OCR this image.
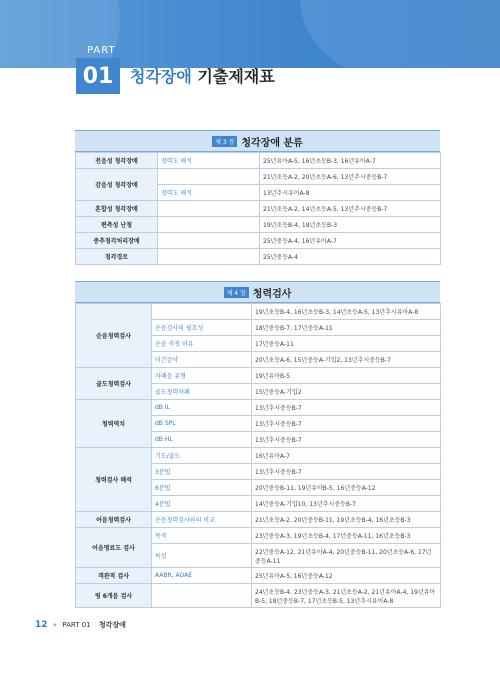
PART
01	청각장애 기출제재표
제 3 장 청각장애 분류
전음성 청각장애	청력도 해석	25년유아A-5, 16년초등B-3, 16년유아A-7
감음성 청각장애		21년초등A-2, 20년초등A-6, 13년추시중등B-7
	청력도 해석	13년추시유아A-8
혼합성 청각장애		21년초등A-2, 14년초등A-5, 13년추시중등B-7
편측성 난청		19년초등B-4, 18년초등B-3
중추청각처리장애		25년중등A-4, 16년유아A-7
청각경로		25년중등A-4
제 4 장 청력검사
순음청력검사		19년초등B-4, 16년초등B-3, 14년초등A-5, 13년추시유아A-8
	순음검사의 필요성	18년중등B-7, 17년중등A-11
	순음 측청 이유	17년중등A-11
	이간감약	20년초등A-6, 15년중등A-기입2, 13년추시중등B-7
골도청력검사	차폐음 유형	19년유아B-5
	골도청력차폐	15년중등A-기입2
청력역치	dB IL	13년추시중등B-7
	dB SPL	13년추시중등B-7
	dB HL	13년추시중등B-7
청력검사 해석	기도/골도	16년유아A-7
	3분법	13년추시중등B-7
	6분법	20년중등B-11, 19년유아B-5, 16년중등A-12
	4분법	14년중등A-기입10, 13년추시중등B-7
어음청력검사	순음청력검사와의 비교	21년초등A-2, 20년중등B-11, 19년초등B-4, 16년초등B-3
어음명료도 검사	목적	23년중등A-3, 19년초등B-4, 17년중등A-11, 16년초등B-3
	특성	22년중등A-12, 21년유아A-4, 20년중등B-11, 20년초등A-6, 17년중등A-11
객관적 검사	AABR, AOAE	25년유아A-5, 16년중등A-12
링 6개음 검사		24년초등B-4, 23년중등A-3, 21년초등A-2, 21년유아A-4, 19년유아B-5, 18년중등B-7, 17년초등B-5, 13년추시유아A-8
12 » PART 01 청각장애
